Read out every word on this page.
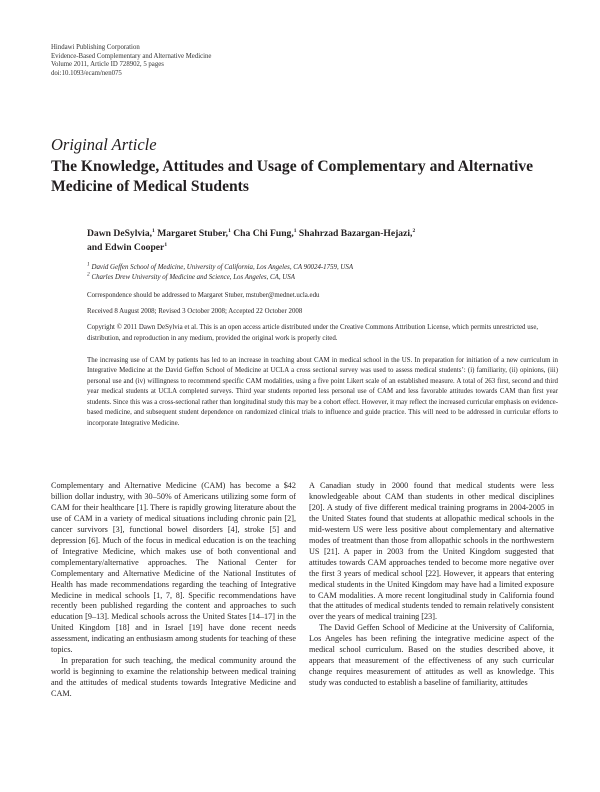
Hindawi Publishing Corporation
Evidence-Based Complementary and Alternative Medicine
Volume 2011, Article ID 728902, 5 pages
doi:10.1093/ecam/nen075
Original Article
The Knowledge, Attitudes and Usage of Complementary and Alternative Medicine of Medical Students
Dawn DeSylvia,$^1$ Margaret Stuber,$^1$ Cha Chi Fung,$^1$ Shahrzad Bazargan-Hejazi,$^2$
and Edwin Cooper$^1$
$^1$ David Geffen School of Medicine, University of California, Los Angeles, CA 90024-1759, USA
$^2$ Charles Drew University of Medicine and Science, Los Angeles, CA, USA
Correspondence should be addressed to Margaret Stuber, mstuber@mednet.ucla.edu
Received 8 August 2008; Revised 3 October 2008; Accepted 22 October 2008
Copyright © 2011 Dawn DeSylvia et al. This is an open access article distributed under the Creative Commons Attribution License, which permits unrestricted use, distribution, and reproduction in any medium, provided the original work is properly cited.
The increasing use of CAM by patients has led to an increase in teaching about CAM in medical school in the US. In preparation for initiation of a new curriculum in Integrative Medicine at the David Geffen School of Medicine at UCLA a cross sectional survey was used to assess medical students’: (i) familiarity, (ii) opinions, (iii) personal use and (iv) willingness to recommend specific CAM modalities, using a five point Likert scale of an established measure. A total of 263 first, second and third year medical students at UCLA completed surveys. Third year students reported less personal use of CAM and less favorable attitudes towards CAM than first year students. Since this was a cross-sectional rather than longitudinal study this may be a cohort effect. However, it may reflect the increased curricular emphasis on evidence-based medicine, and subsequent student dependence on randomized clinical trials to influence and guide practice. This will need to be addressed in curricular efforts to incorporate Integrative Medicine.

Complementary and Alternative Medicine (CAM) has become a $42 billion dollar industry, with 30–50% of Americans utilizing some form of CAM for their healthcare [1]. There is rapidly growing literature about the use of CAM in a variety of medical situations including chronic pain [2], cancer survivors [3], functional bowel disorders [4], stroke [5] and depression [6]. Much of the focus in medical education is on the teaching of Integrative Medicine, which makes use of both conventional and complementary/alternative approaches. The National Center for Complementary and Alternative Medicine of the National Institutes of Health has made recommendations regarding the teaching of Integrative Medicine in medical schools [1, 7, 8]. Specific recommendations have recently been published regarding the content and approaches to such education [9–13]. Medical schools across the United States [14–17] in the United Kingdom [18] and in Israel [19] have done recent needs assessment, indicating an enthusiasm among students for teaching of these topics.

In preparation for such teaching, the medical community around the world is beginning to examine the relationship between medical training and the attitudes of medical students towards Integrative Medicine and CAM.

A Canadian study in 2000 found that medical students were less knowledgeable about CAM than students in other medical disciplines [20]. A study of five different medical training programs in 2004-2005 in the United States found that students at allopathic medical schools in the mid-western US were less positive about complementary and alternative modes of treatment than those from allopathic schools in the northwestern US [21]. A paper in 2003 from the United Kingdom suggested that attitudes towards CAM approaches tended to become more negative over the first 3 years of medical school [22]. However, it appears that entering medical students in the United Kingdom may have had a limited exposure to CAM modalities. A more recent longitudinal study in California found that the attitudes of medical students tended to remain relatively consistent over the years of medical training [23].

The David Geffen School of Medicine at the University of California, Los Angeles has been refining the integrative medicine aspect of the medical school curriculum. Based on the studies described above, it appears that measurement of the effectiveness of any such curricular change requires measurement of attitudes as well as knowledge. This study was conducted to establish a baseline of familiarity, attitudes
